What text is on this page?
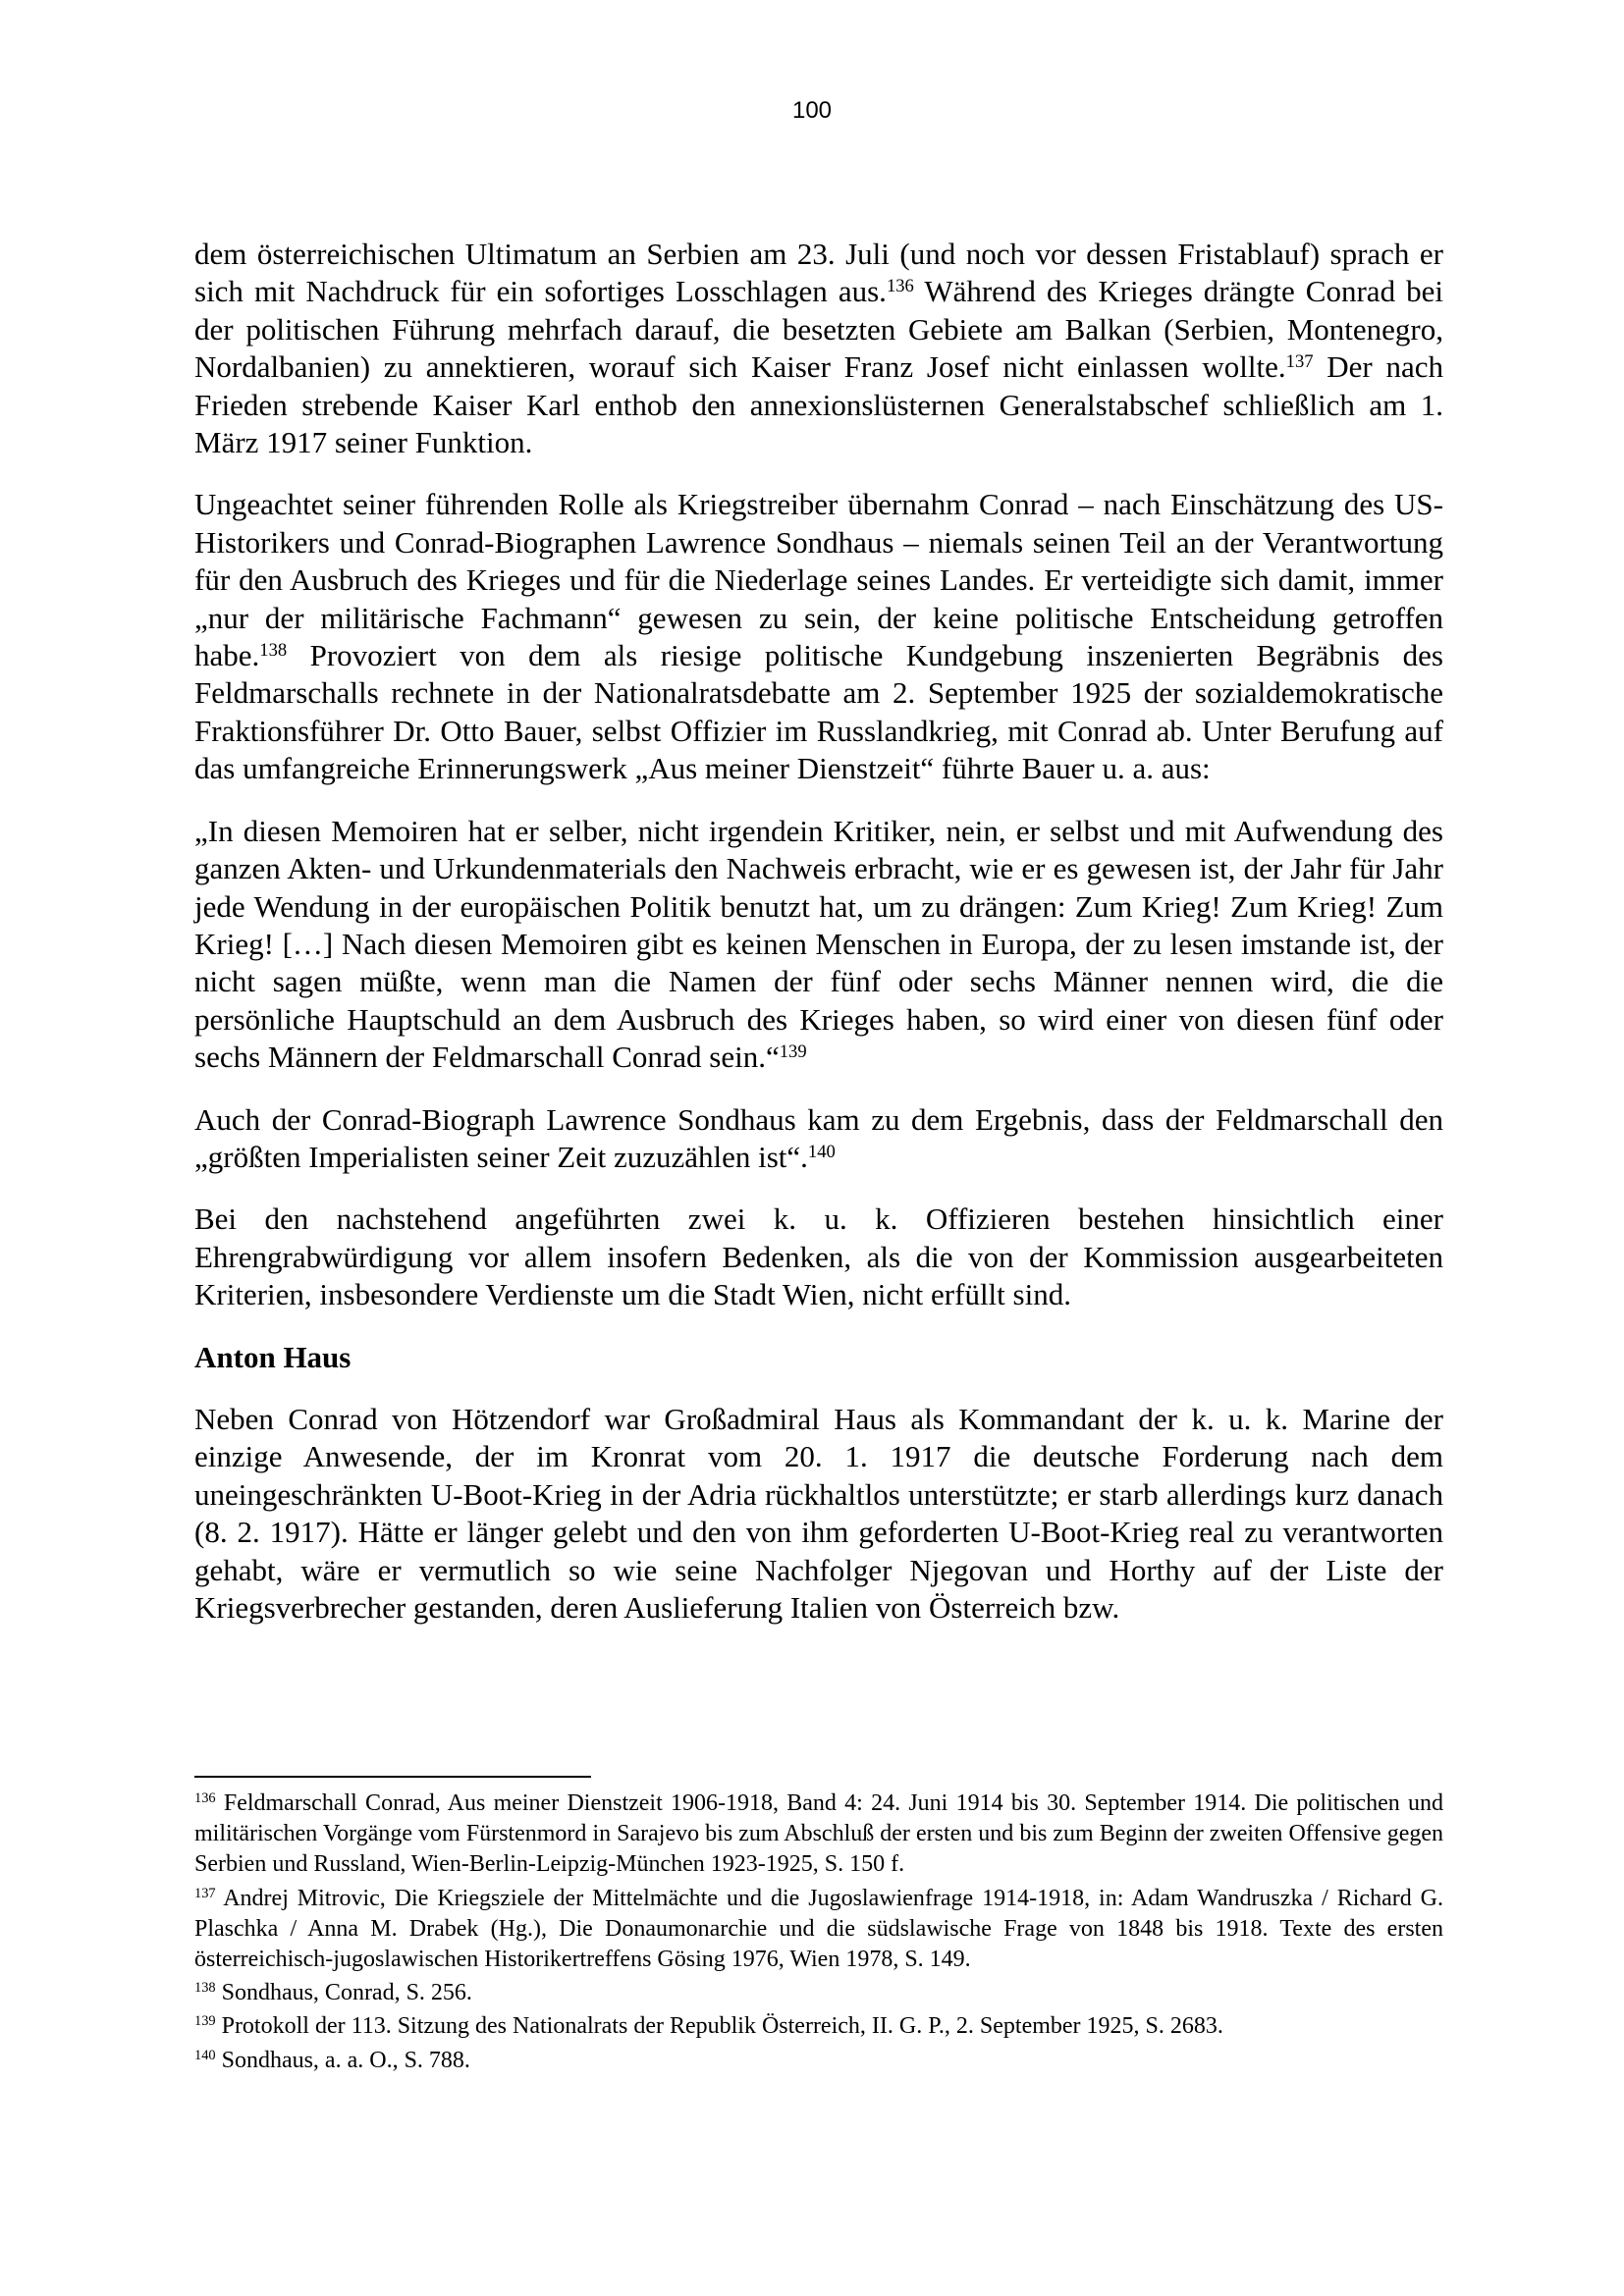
100

dem österreichischen Ultimatum an Serbien am 23. Juli (und noch vor dessen Fristablauf) sprach er sich mit Nachdruck für ein sofortiges Losschlagen aus.$^{136}$ Während des Krieges drängte Conrad bei der politischen Führung mehrfach darauf, die besetzten Gebiete am Balkan (Serbien, Montenegro, Nordalbanien) zu annektieren, worauf sich Kaiser Franz Josef nicht einlassen wollte.$^{137}$ Der nach Frieden strebende Kaiser Karl enthob den annexionslüsternen Generalstabschef schließlich am 1. März 1917 seiner Funktion.

Ungeachtet seiner führenden Rolle als Kriegstreiber übernahm Conrad – nach Einschätzung des US-Historikers und Conrad-Biographen Lawrence Sondhaus – niemals seinen Teil an der Verantwortung für den Ausbruch des Krieges und für die Niederlage seines Landes. Er verteidigte sich damit, immer „nur der militärische Fachmann“ gewesen zu sein, der keine politische Entscheidung getroffen habe.$^{138}$ Provoziert von dem als riesige politische Kundgebung inszenierten Begräbnis des Feldmarschalls rechnete in der Nationalratsdebatte am 2. September 1925 der sozialdemokratische Fraktionsführer Dr. Otto Bauer, selbst Offizier im Russlandkrieg, mit Conrad ab. Unter Berufung auf das umfangreiche Erinnerungswerk „Aus meiner Dienstzeit“ führte Bauer u. a. aus:

„In diesen Memoiren hat er selber, nicht irgendein Kritiker, nein, er selbst und mit Aufwendung des ganzen Akten- und Urkundenmaterials den Nachweis erbracht, wie er es gewesen ist, der Jahr für Jahr jede Wendung in der europäischen Politik benutzt hat, um zu drängen: Zum Krieg! Zum Krieg! Zum Krieg! […] Nach diesen Memoiren gibt es keinen Menschen in Europa, der zu lesen imstande ist, der nicht sagen müßte, wenn man die Namen der fünf oder sechs Männer nennen wird, die die persönliche Hauptschuld an dem Ausbruch des Krieges haben, so wird einer von diesen fünf oder sechs Männern der Feldmarschall Conrad sein.“$^{139}$

Auch der Conrad-Biograph Lawrence Sondhaus kam zu dem Ergebnis, dass der Feldmarschall den „größten Imperialisten seiner Zeit zuzuzählen ist“.$^{140}$

Bei den nachstehend angeführten zwei k. u. k. Offizieren bestehen hinsichtlich einer Ehrengrabwürdigung vor allem insofern Bedenken, als die von der Kommission ausgearbeiteten Kriterien, insbesondere Verdienste um die Stadt Wien, nicht erfüllt sind.

Anton Haus

Neben Conrad von Hötzendorf war Großadmiral Haus als Kommandant der k. u. k. Marine der einzige Anwesende, der im Kronrat vom 20. 1. 1917 die deutsche Forderung nach dem uneingeschränkten U-Boot-Krieg in der Adria rückhaltlos unterstützte; er starb allerdings kurz danach (8. 2. 1917). Hätte er länger gelebt und den von ihm geforderten U-Boot-Krieg real zu verantworten gehabt, wäre er vermutlich so wie seine Nachfolger Njegovan und Horthy auf der Liste der Kriegsverbrecher gestanden, deren Auslieferung Italien von Österreich bzw.

$^{136}$ Feldmarschall Conrad, Aus meiner Dienstzeit 1906-1918, Band 4: 24. Juni 1914 bis 30. September 1914. Die politischen und militärischen Vorgänge vom Fürstenmord in Sarajevo bis zum Abschluß der ersten und bis zum Beginn der zweiten Offensive gegen Serbien und Russland, Wien-Berlin-Leipzig-München 1923-1925, S. 150 f.

$^{137}$ Andrej Mitrovic, Die Kriegsziele der Mittelmächte und die Jugoslawienfrage 1914-1918, in: Adam Wandruszka / Richard G. Plaschka / Anna M. Drabek (Hg.), Die Donaumonarchie und die südslawische Frage von 1848 bis 1918. Texte des ersten österreichisch-jugoslawischen Historikertreffens Gösing 1976, Wien 1978, S. 149.

$^{138}$ Sondhaus, Conrad, S. 256.

$^{139}$ Protokoll der 113. Sitzung des Nationalrats der Republik Österreich, II. G. P., 2. September 1925, S. 2683.

$^{140}$ Sondhaus, a. a. O., S. 788.
